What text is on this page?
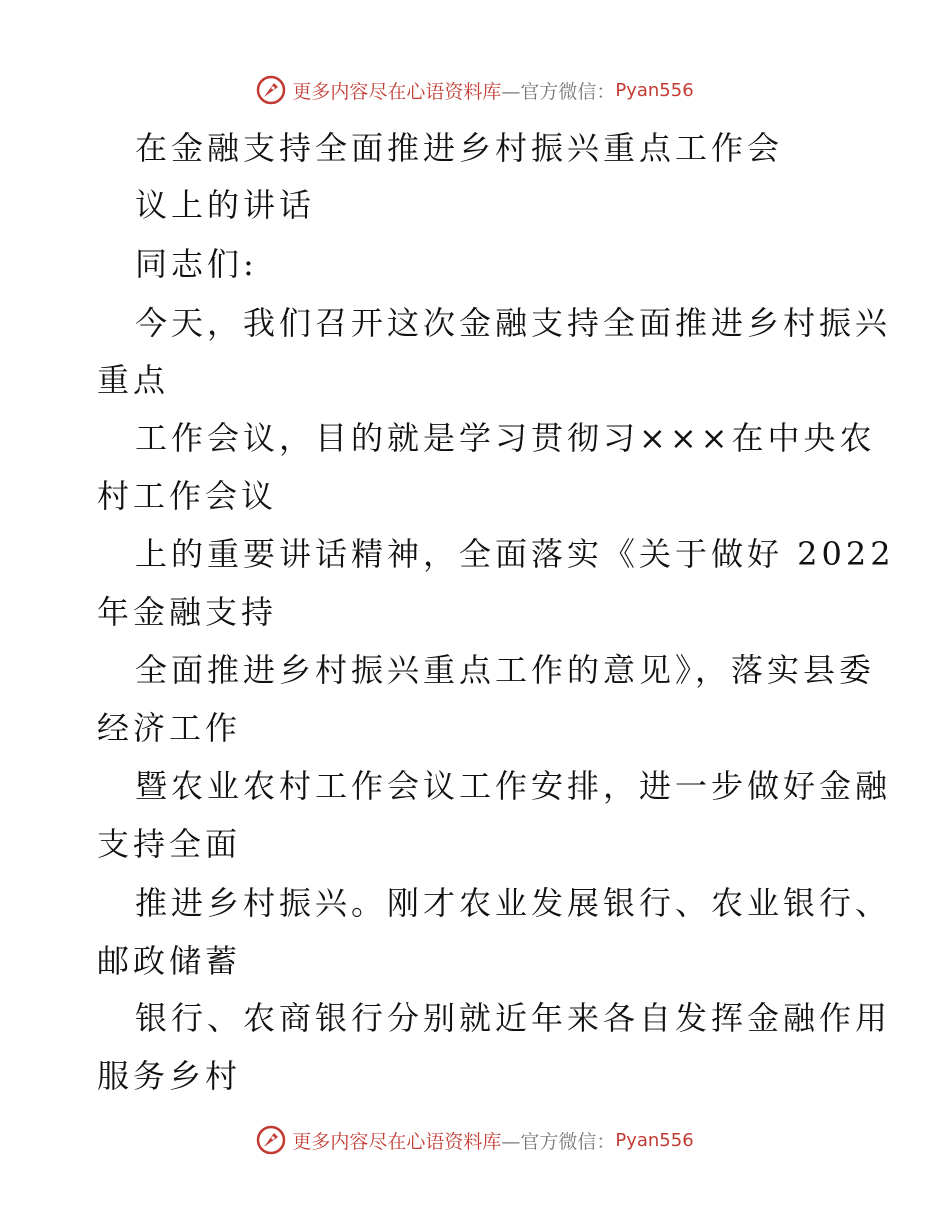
更多内容尽在心语资料库 —官方微信： Pyan556
在金融支持全面推进乡村振兴重点工作会
议上的讲话
同志们:
今天，我们召开这次金融支持全面推进乡村振兴
重点
工作会议，目的就是学习贯彻习×××在中央农
村工作会议
上的重要讲话精神，全面落实《关于做好 2022
年金融支持
全面推进乡村振兴重点工作的意见》，落实县委
经济工作
暨农业农村工作会议工作安排，进一步做好金融
支持全面
推进乡村振兴。刚才农业发展银行、农业银行、
邮政储蓄
银行、农商银行分别就近年来各自发挥金融作用
服务乡村
更多内容尽在心语资料库 —官方微信： Pyan556
